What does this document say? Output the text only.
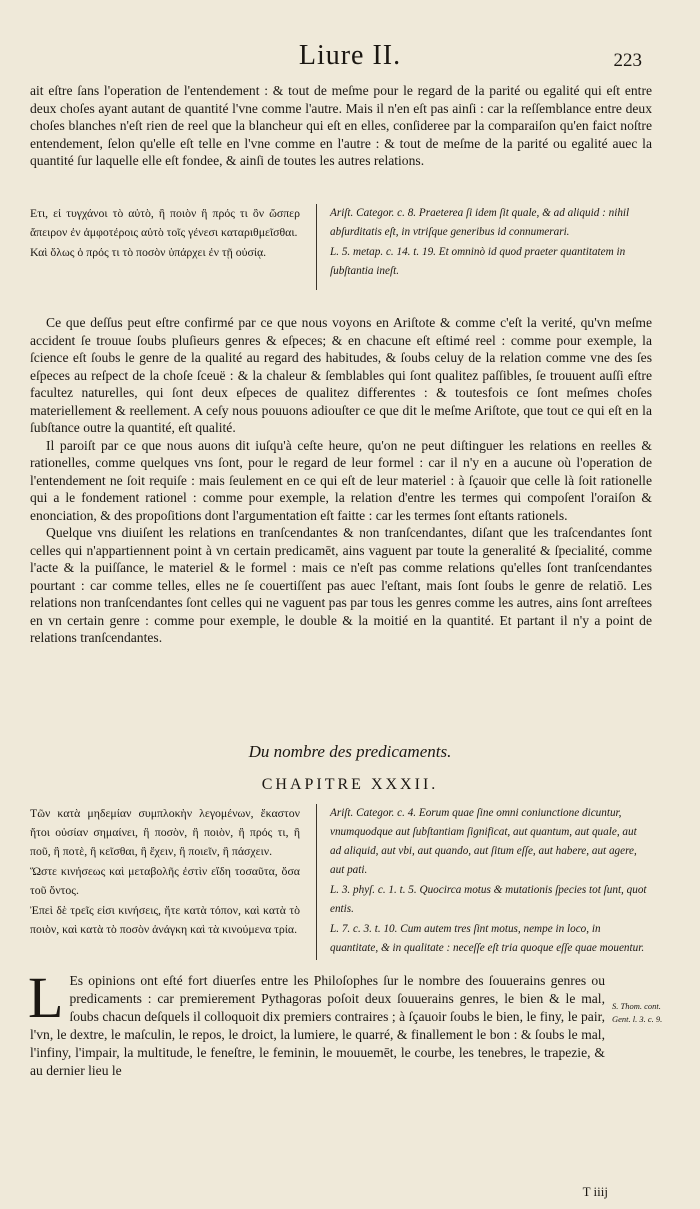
Liure II.	223

ait eſtre ſans l'operation de l'entendement : & tout de meſme pour le regard de la parité ou egalité qui eſt entre deux choſes ayant autant de quantité l'vne comme l'autre. Mais il n'en eſt pas ainſi : car la reſſemblance entre deux choſes blanches n'eſt rien de reel que la blancheur qui eſt en elles, conſideree par la comparaiſon qu'en faict noſtre entendement, ſelon qu'elle eſt telle en l'vne comme en l'autre : & tout de meſme de la parité ou egalité auec la quantité ſur laquelle elle eſt fondee, & ainſi de toutes les autres relations.

Ετι, εἰ τυγχάνοι τὸ αὐτὸ, ἢ ποιὸν ἢ πρός τι ὂν ὥσπερ ἄπειρον ἐν ἀμφοτέροις αὐτὸ τοῖς γένεσι καταριθμεῖσθαι.

Καὶ ὅλως ὁ πρός τι τὸ ποσὸν ὑπάρχει ἐν τῇ οὐσίᾳ.

Ariſt. Categor. c. 8. Praeterea ſi idem ſit quale, & ad aliquid : nihil abſurditatis eſt, in vtriſque generibus id connumerari.

L. 5. metap. c. 14. t. 19. Et omninò id quod praeter quantitatem in ſubſtantia ineſt.

Ce que deſſus peut eſtre confirmé par ce que nous voyons en Ariſtote & comme c'eſt la verité, qu'vn meſme accident ſe trouue ſoubs pluſieurs genres & eſpeces; & en chacune eſt eſtimé reel : comme pour exemple, la ſcience eſt ſoubs le genre de la qualité au regard des habitudes, & ſoubs celuy de la relation comme vne des ſes eſpeces au reſpect de la choſe ſceuë : & la chaleur & ſemblables qui ſont qualitez paſſibles, ſe trouuent auſſi eſtre facultez naturelles, qui ſont deux eſpeces de qualitez differentes : & toutesfois ce ſont meſmes choſes materiellement & reellement. A ceſy nous pouuons adiouſter ce que dit le meſme Ariſtote, que tout ce qui eſt en la ſubſtance outre la quantité, eſt qualité.

Il paroiſt par ce que nous auons dit iuſqu'à ceſte heure, qu'on ne peut diſtinguer les relations en reelles & rationelles, comme quelques vns ſont, pour le regard de leur formel : car il n'y en a aucune où l'operation de l'entendement ne ſoit requiſe : mais ſeulement en ce qui eſt de leur materiel : à ſçauoir que celle là ſoit rationelle qui a le fondement rationel : comme pour exemple, la relation d'entre les termes qui compoſent l'oraiſon & enonciation, & des propoſitions dont l'argumentation eſt faitte : car les termes ſont eſtants rationels.

Quelque vns diuiſent les relations en tranſcendantes & non tranſcendantes, diſant que les traſcendantes ſont celles qui n'appartiennent point à vn certain predicamēt, ains vaguent par toute la generalité & ſpecialité, comme l'acte & la puiſſance, le materiel & le formel : mais ce n'eſt pas comme relations qu'elles ſont tranſcendantes pourtant : car comme telles, elles ne ſe couertiſſent pas auec l'eſtant, mais ſont ſoubs le genre de relatiō. Les relations non tranſcendantes ſont celles qui ne vaguent pas par tous les genres comme les autres, ains ſont arreſtees en vn certain genre : comme pour exemple, le double & la moitié en la quantité. Et partant il n'y a point de relations tranſcendantes.

Du nombre des predicaments.
CHAPITRE XXXII.

Τῶν κατὰ μηδεμίαν συμπλοκὴν λεγομένων, ἕκαστον ἤτοι οὐσίαν σημαίνει, ἢ ποσὸν, ἢ ποιὸν, ἢ πρός τι, ἢ ποῦ, ἢ ποτὲ, ἢ κεῖσθαι, ἢ ἔχειν, ἢ ποιεῖν, ἢ πάσχειν.

Ὥστε κινήσεως καὶ μεταβολῆς ἐστὶν εἴδη τοσαῦτα, ὅσα τοῦ ὄντος.

Ἐπεὶ δὲ τρεῖς εἰσι κινήσεις, ἥτε κατὰ τόπον, καὶ κατὰ τὸ ποιὸν, καὶ κατὰ τὸ ποσὸν ἀνάγκη καὶ τὰ κινούμενα τρία.

Ariſt. Categor. c. 4. Eorum quae ſine omni coniunctione dicuntur, vnumquodque aut ſubſtantiam ſignificat, aut quantum, aut quale, aut ad aliquid, aut vbi, aut quando, aut ſitum eſſe, aut habere, aut agere, aut pati.

L. 3. phyſ. c. 1. t. 5. Quocirca motus & mutationis ſpecies tot ſunt, quot entis.

L. 7. c. 3. t. 10. Cum autem tres ſint motus, nempe in loco, in quantitate, & in qualitate : neceſſe eſt tria quoque eſſe quae mouentur.

L Es opinions ont eſté fort diuerſes entre les Philoſophes ſur le nombre des ſouuerains genres ou predicaments : car premierement Pythagoras poſoit deux ſouuerains genres, le bien & le mal, ſoubs chacun deſquels il colloquoit dix premiers contraires ; à ſçauoir ſoubs le bien, le finy, le pair, l'vn, le dextre, le maſculin, le repos, le droict, la lumiere, le quarré, & finallement le bon : & ſoubs le mal, l'infiny, l'impair, la multitude, le feneſtre, le feminin, le mouuemēt, le courbe, les tenebres, le trapezie, & au dernier lieu le
S. Thom. cont. Gent. l. 3. c. 9.
T iiij
